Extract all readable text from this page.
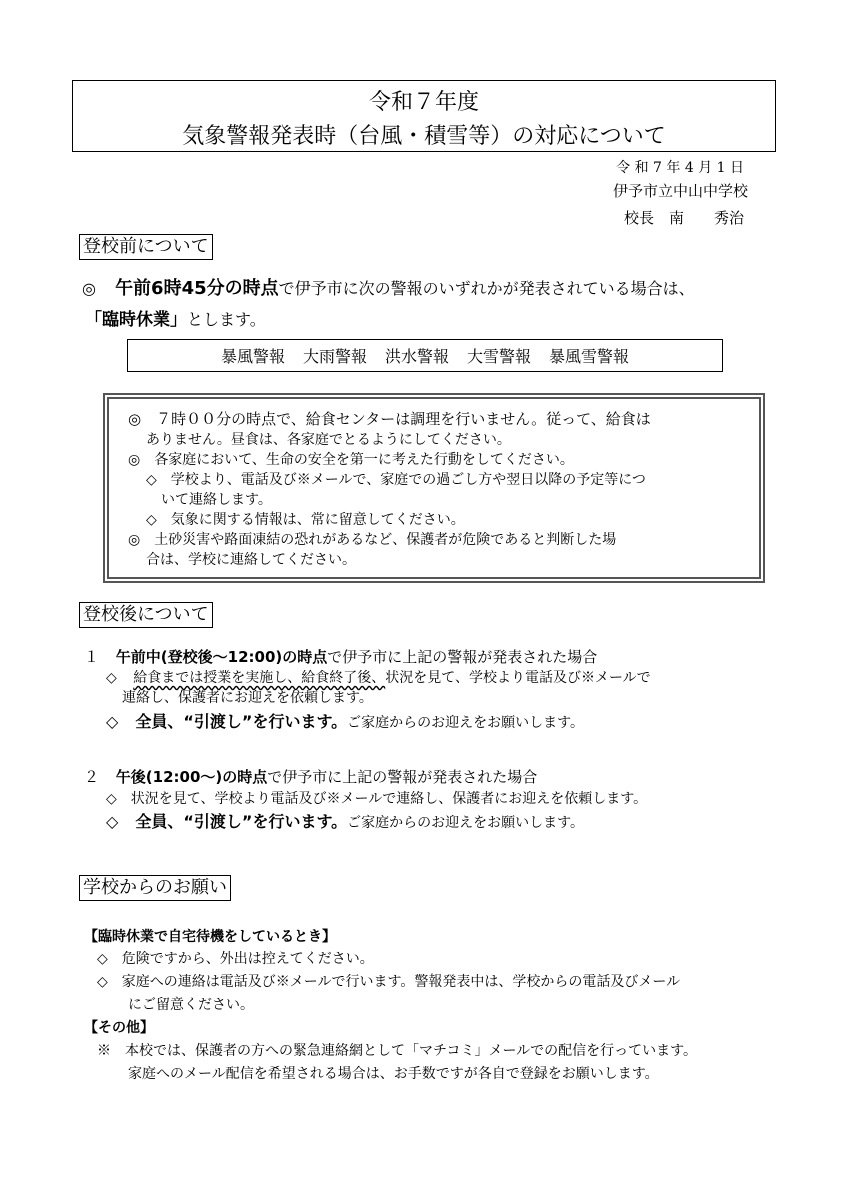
令和７年度
気象警報発表時（台風・積雪等）の対応について
令 和 7 年 4 月 1 日
伊予市立中山中学校
校長　南　　秀治
登校前について
◎ 午前6時45分の時点で伊予市に次の警報のいずれかが発表されている場合は、
「臨時休業」とします。
暴風警報 大雨警報 洪水警報 大雪警報 暴風雪警報
◎　７時００分の時点で、給食センターは調理を行いません。従って、給食は
ありません。昼食は、各家庭でとるようにしてください。
◎　各家庭において、生命の安全を第一に考えた行動をしてください。
◇　学校より、電話及び※メールで、家庭での過ごし方や翌日以降の予定等につ
いて連絡します。
◇　気象に関する情報は、常に留意してください。
◎　土砂災害や路面凍結の恐れがあるなど、保護者が危険であると判断した場
合は、学校に連絡してください。
登校後について
１ 午前中(登校後～12:00)の時点で伊予市に上記の警報が発表された場合
◇ 給食までは授業を実施し、給食終了後、状況を見て、学校より電話及び※メールで
連絡し、保護者にお迎えを依頼します。
◇ 全員、“引渡し”を行います。ご家庭からのお迎えをお願いします。
２ 午後(12:00～)の時点で伊予市に上記の警報が発表された場合
◇　状況を見て、学校より電話及び※メールで連絡し、保護者にお迎えを依頼します。
◇ 全員、“引渡し”を行います。ご家庭からのお迎えをお願いします。
学校からのお願い
【臨時休業で自宅待機をしているとき】
◇　危険ですから、外出は控えてください。
◇　家庭への連絡は電話及び※メールで行います。警報発表中は、学校からの電話及びメール
にご留意ください。
【その他】
※　本校では、保護者の方への緊急連絡網として「マチコミ」メールでの配信を行っています。
家庭へのメール配信を希望される場合は、お手数ですが各自で登録をお願いします。
